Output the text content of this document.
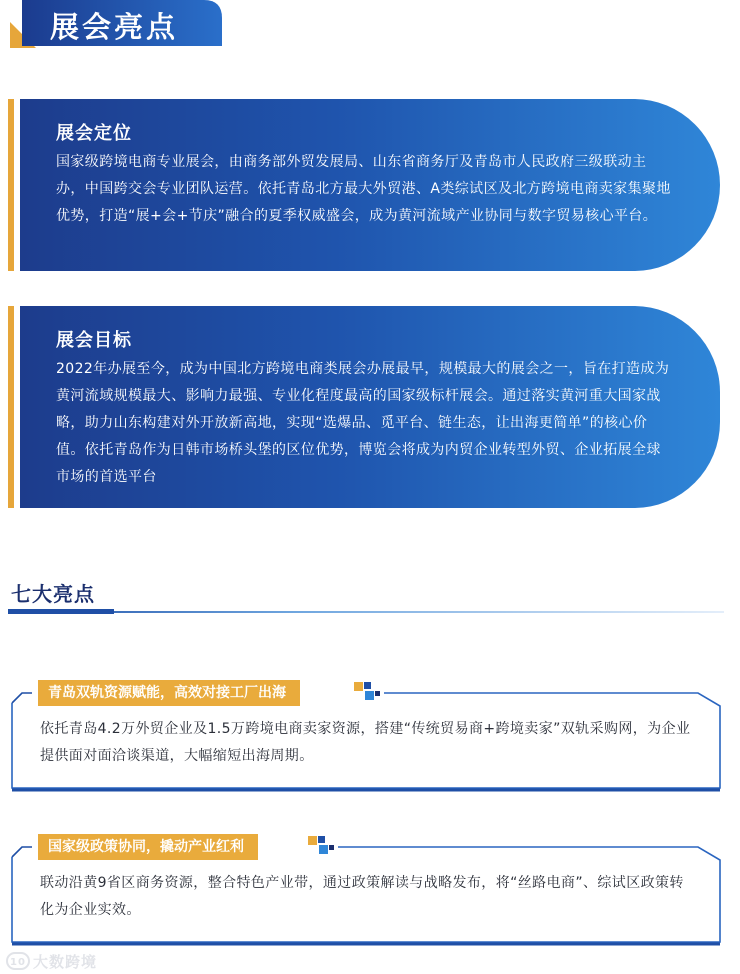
展会亮点
展会定位
国家级跨境电商专业展会，由商务部外贸发展局、山东省商务厅及青岛市人民政府三级联动主办，中国跨交会专业团队运营。依托青岛北方最大外贸港、A类综试区及北方跨境电商卖家集聚地优势，打造“展+会+节庆”融合的夏季权威盛会，成为黄河流域产业协同与数字贸易核心平台。
展会目标
2022年办展至今，成为中国北方跨境电商类展会办展最早，规模最大的展会之一，旨在打造成为黄河流域规模最大、影响力最强、专业化程度最高的国家级标杆展会。通过落实黄河重大国家战略，助力山东构建对外开放新高地，实现“选爆品、觅平台、链生态，让出海更简单”的核心价值。依托青岛作为日韩市场桥头堡的区位优势，博览会将成为内贸企业转型外贸、企业拓展全球市场的首选平台
七大亮点
青岛双轨资源赋能，高效对接工厂出海
依托青岛4.2万外贸企业及1.5万跨境电商卖家资源，搭建“传统贸易商+跨境卖家”双轨采购网，为企业提供面对面洽谈渠道，大幅缩短出海周期。
国家级政策协同，撬动产业红利
联动沿黄9省区商务资源，整合特色产业带，通过政策解读与战略发布，将“丝路电商”、综试区政策转化为企业实效。
10 大数跨境
